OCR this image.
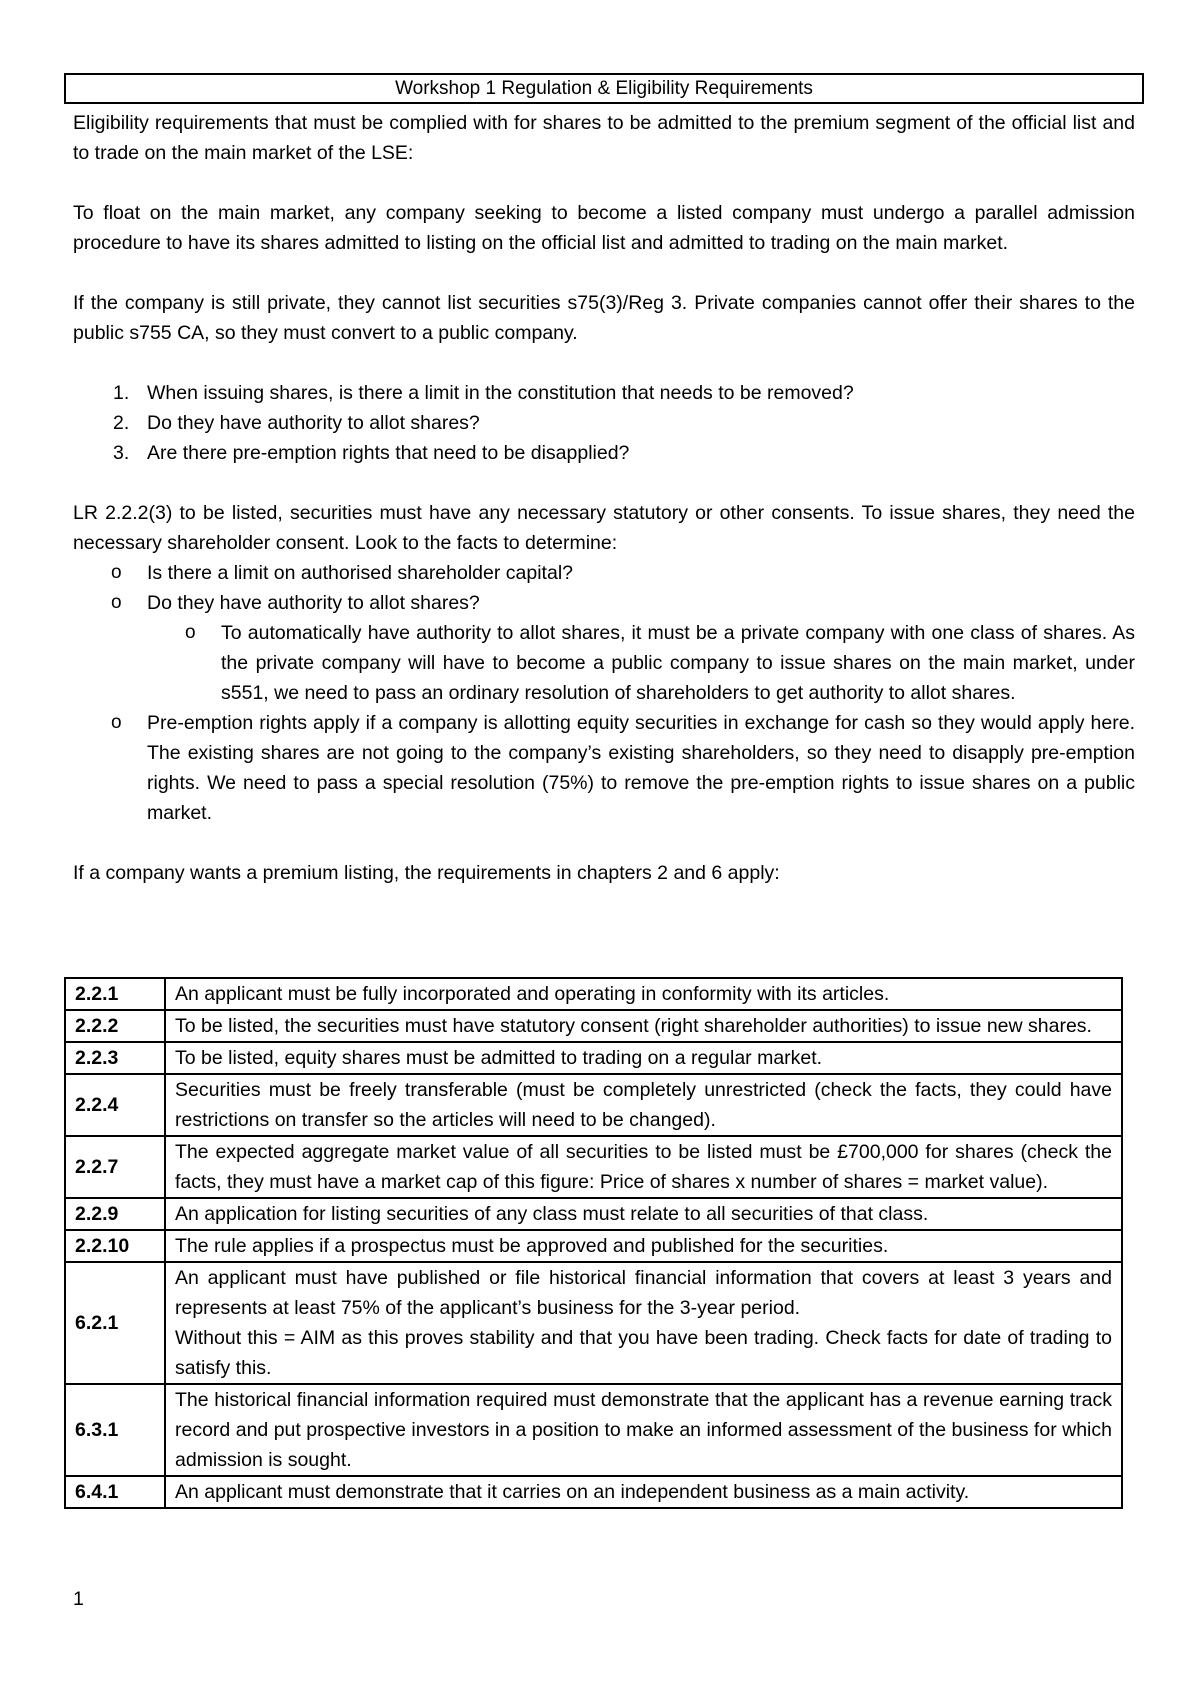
Workshop 1 Regulation & Eligibility Requirements

Eligibility requirements that must be complied with for shares to be admitted to the premium segment of the official list and to trade on the main market of the LSE:

To float on the main market, any company seeking to become a listed company must undergo a parallel admission procedure to have its shares admitted to listing on the official list and admitted to trading on the main market.

If the company is still private, they cannot list securities s75(3)/Reg 3. Private companies cannot offer their shares to the public s755 CA, so they must convert to a public company.

1. When issuing shares, is there a limit in the constitution that needs to be removed?
2. Do they have authority to allot shares?
3. Are there pre-emption rights that need to be disapplied?

LR 2.2.2(3) to be listed, securities must have any necessary statutory or other consents. To issue shares, they need the necessary shareholder consent. Look to the facts to determine:

o Is there a limit on authorised shareholder capital?
o Do they have authority to allot shares?
o To automatically have authority to allot shares, it must be a private company with one class of shares. As the private company will have to become a public company to issue shares on the main market, under s551, we need to pass an ordinary resolution of shareholders to get authority to allot shares.
o Pre-emption rights apply if a company is allotting equity securities in exchange for cash so they would apply here. The existing shares are not going to the company’s existing shareholders, so they need to disapply pre-emption rights. We need to pass a special resolution (75%) to remove the pre-emption rights to issue shares on a public market.

If a company wants a premium listing, the requirements in chapters 2 and 6 apply:

2.2.1	An applicant must be fully incorporated and operating in conformity with its articles.
2.2.2	To be listed, the securities must have statutory consent (right shareholder authorities) to issue new shares.
2.2.3	To be listed, equity shares must be admitted to trading on a regular market.
2.2.4	Securities must be freely transferable (must be completely unrestricted (check the facts, they could have restrictions on transfer so the articles will need to be changed).
2.2.7	The expected aggregate market value of all securities to be listed must be £700,000 for shares (check the facts, they must have a market cap of this figure: Price of shares x number of shares = market value).
2.2.9	An application for listing securities of any class must relate to all securities of that class.
2.2.10	The rule applies if a prospectus must be approved and published for the securities.
6.2.1	An applicant must have published or file historical financial information that covers at least 3 years and represents at least 75% of the applicant’s business for the 3-year period.
Without this = AIM as this proves stability and that you have been trading. Check facts for date of trading to satisfy this.

6.3.1	The historical financial information required must demonstrate that the applicant has a revenue earning track record and put prospective investors in a position to make an informed assessment of the business for which admission is sought.
6.4.1	An applicant must demonstrate that it carries on an independent business as a main activity.
1
